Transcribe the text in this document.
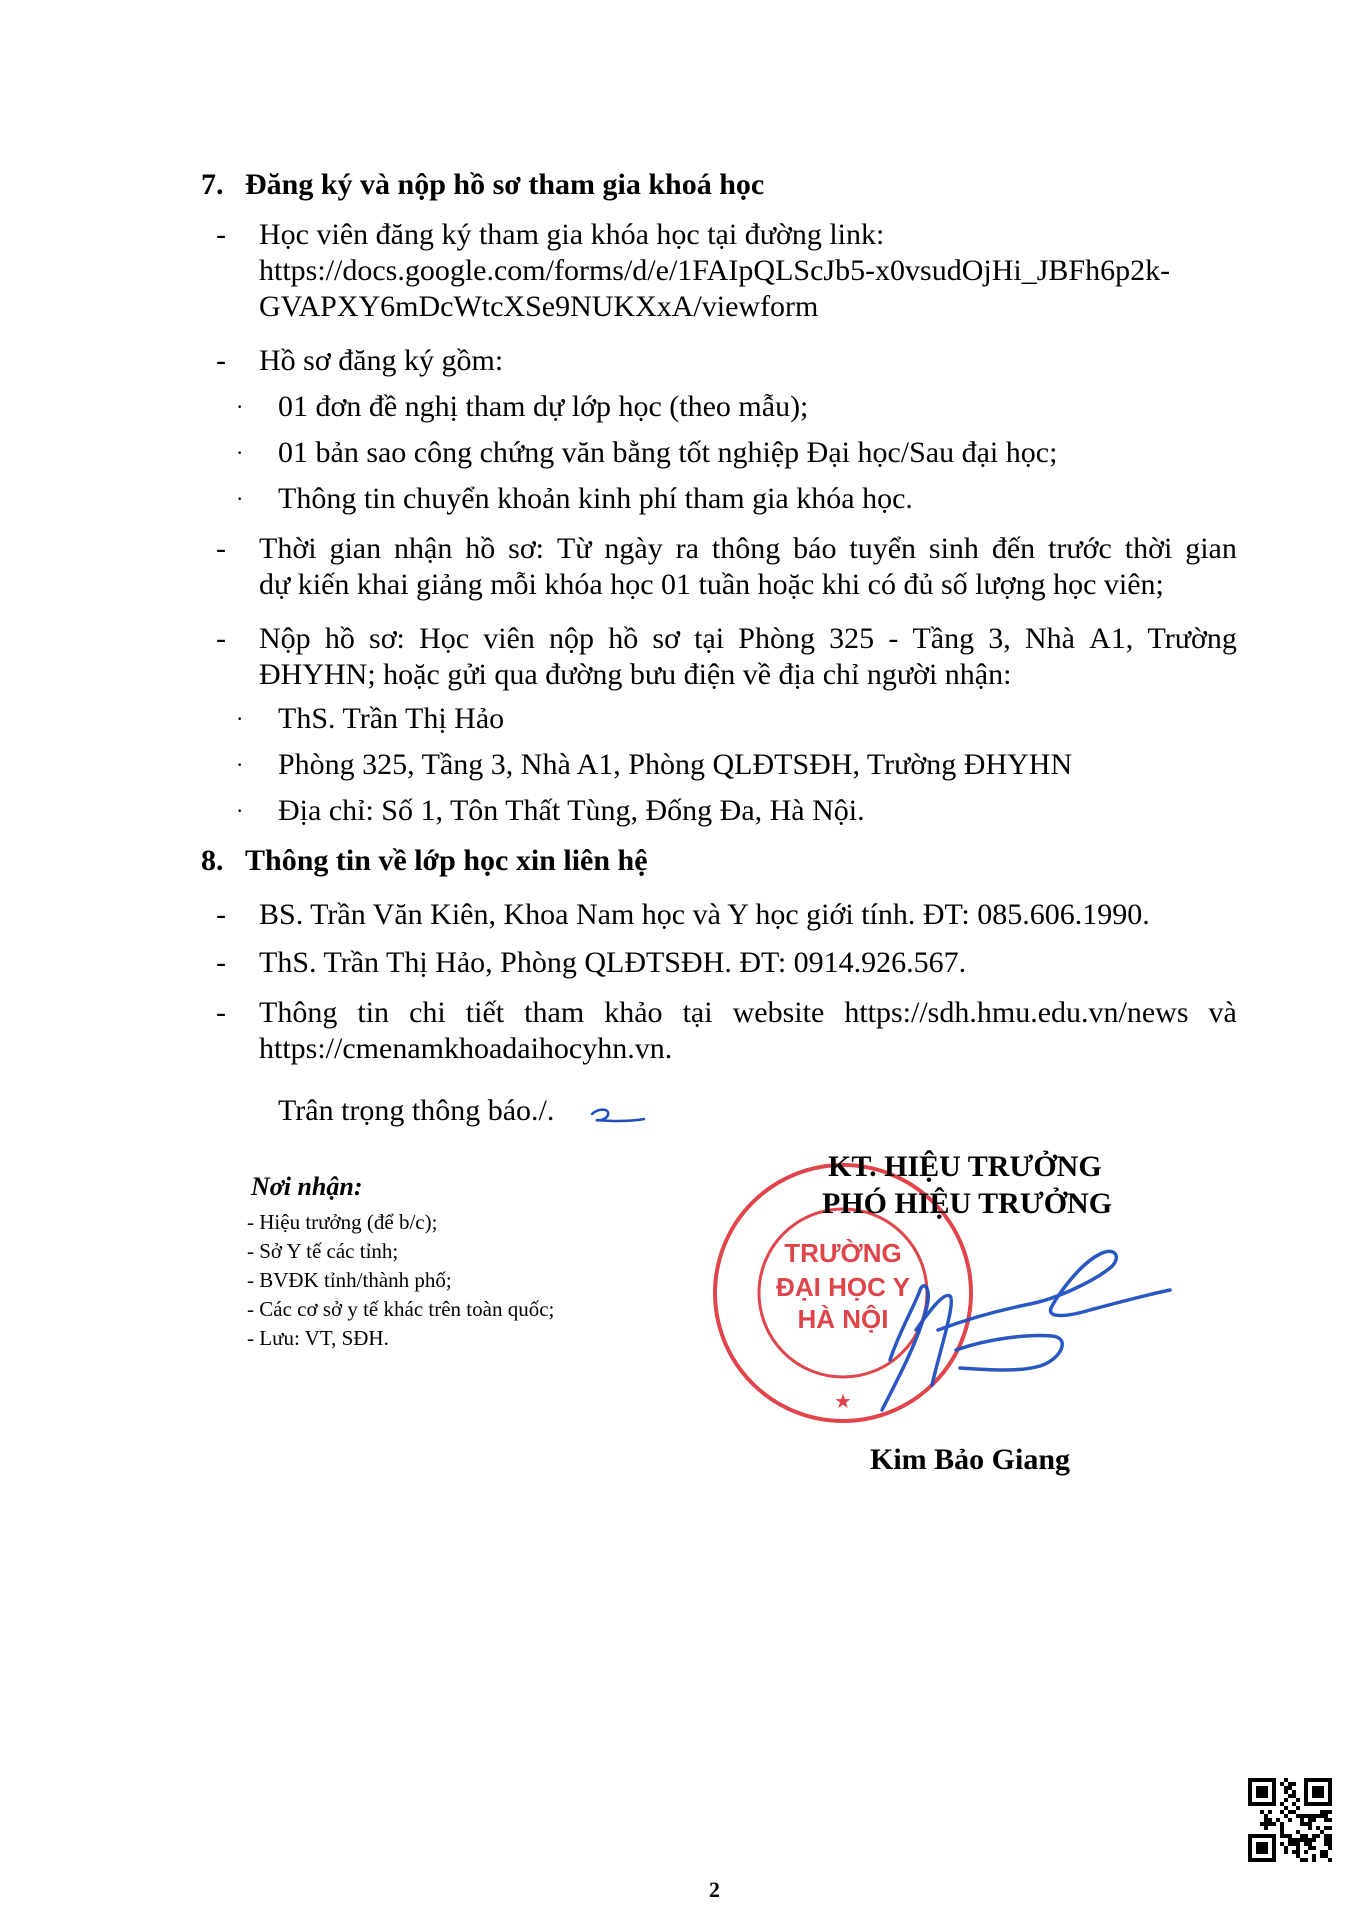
7. Đăng ký và nộp hồ sơ tham gia khoá học
- Học viên đăng ký tham gia khóa học tại đường link:
https://docs.google.com/forms/d/e/1FAIpQLScJb5-x0vsudOjHi_JBFh6p2k-
GVAPXY6mDcWtcXSe9NUKXxA/viewform
- Hồ sơ đăng ký gồm:
· 01 đơn đề nghị tham dự lớp học (theo mẫu);
· 01 bản sao công chứng văn bằng tốt nghiệp Đại học/Sau đại học;
· Thông tin chuyển khoản kinh phí tham gia khóa học.
- Thời gian nhận hồ sơ: Từ ngày ra thông báo tuyển sinh đến trước thời gian
dự kiến khai giảng mỗi khóa học 01 tuần hoặc khi có đủ số lượng học viên;
- Nộp hồ sơ: Học viên nộp hồ sơ tại Phòng 325 - Tầng 3, Nhà A1, Trường
ĐHYHN; hoặc gửi qua đường bưu điện về địa chỉ người nhận:
· ThS. Trần Thị Hảo
· Phòng 325, Tầng 3, Nhà A1, Phòng QLĐTSĐH, Trường ĐHYHN
· Địa chỉ: Số 1, Tôn Thất Tùng, Đống Đa, Hà Nội.
8. Thông tin về lớp học xin liên hệ
- BS. Trần Văn Kiên, Khoa Nam học và Y học giới tính. ĐT: 085.606.1990.
- ThS. Trần Thị Hảo, Phòng QLĐTSĐH. ĐT: 0914.926.567.
- Thông tin chi tiết tham khảo tại website https://sdh.hmu.edu.vn/news và
https://cmenamkhoadaihocyhn.vn.
Trân trọng thông báo./.
Nơi nhận:
- Hiệu trưởng (để b/c);
- Sở Y tế các tỉnh;
- BVĐK tỉnh/thành phố;
- Các cơ sở y tế khác trên toàn quốc;
- Lưu: VT, SĐH.
TRƯỜNG
ĐẠI HỌC Y
HÀ NỘI
★
KT. HIỆU TRƯỞNG
PHÓ HIỆU TRƯỞNG
Kim Bảo Giang
2
